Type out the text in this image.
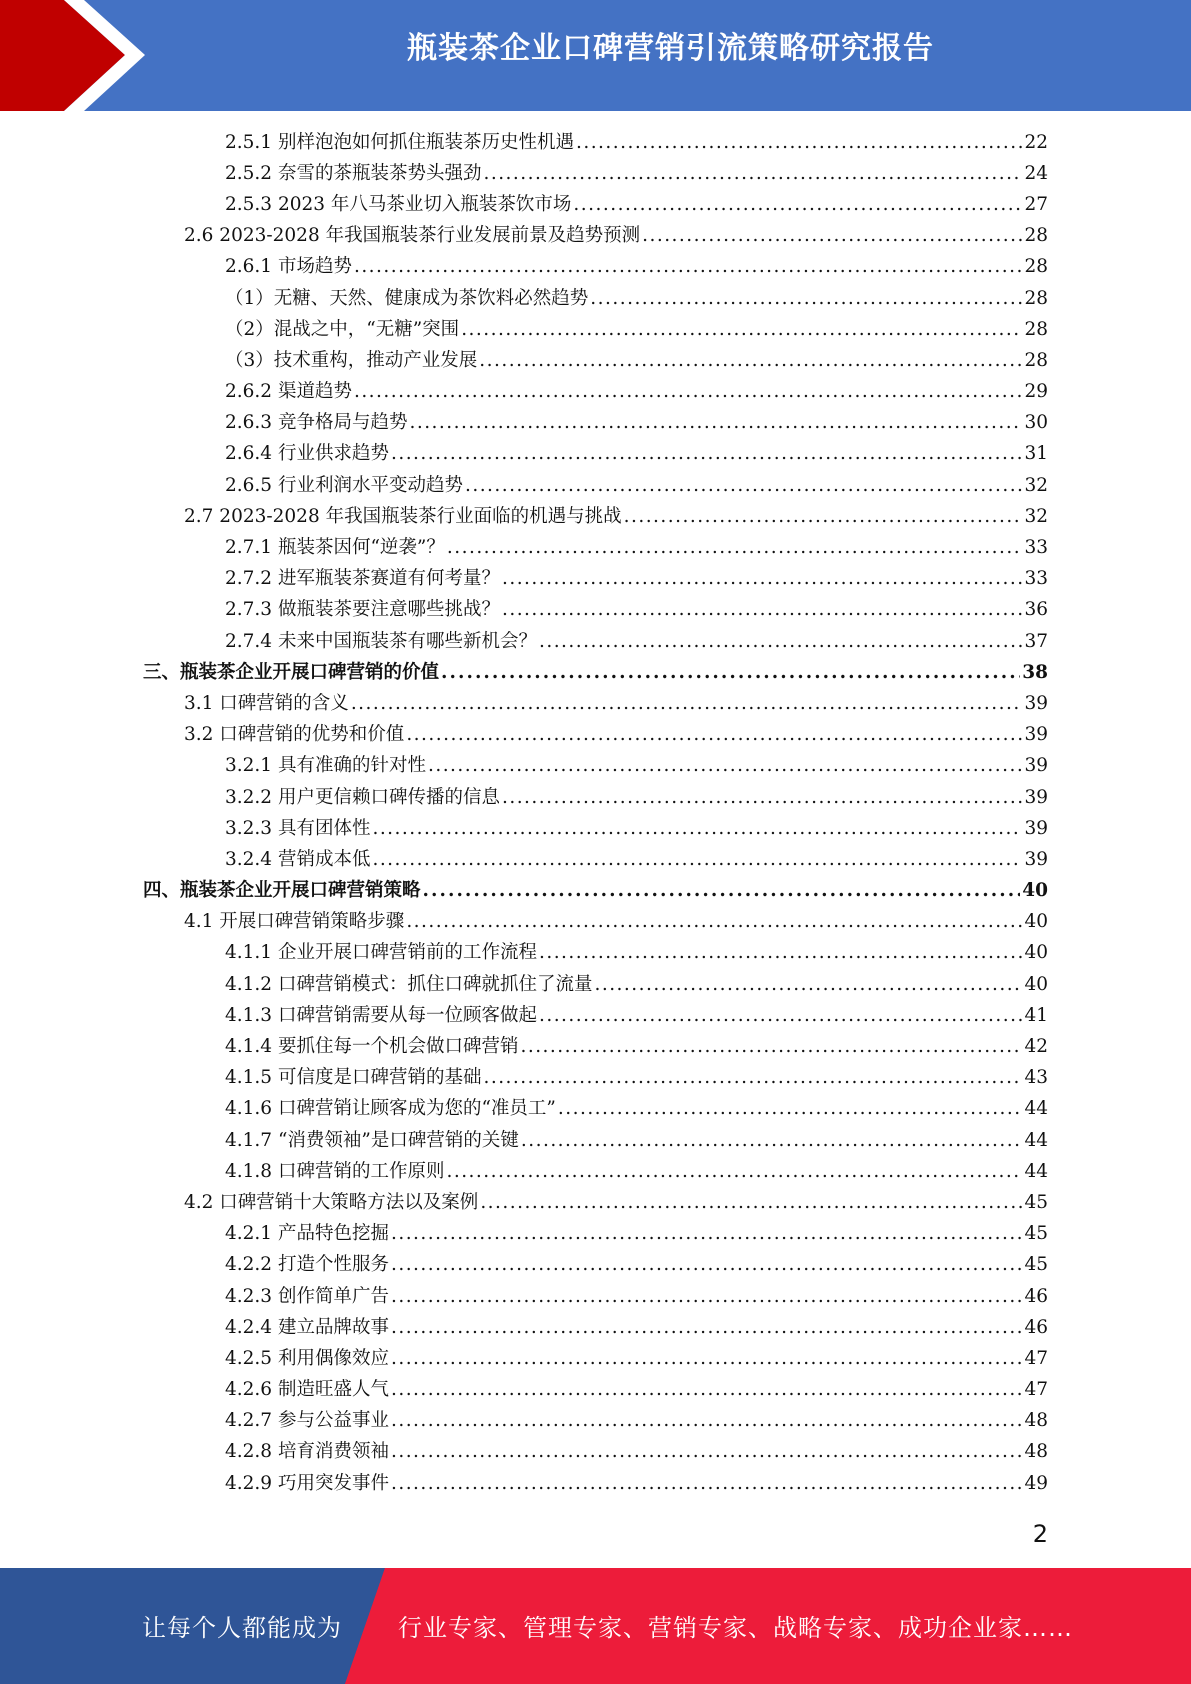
瓶装茶企业口碑营销引流策略研究报告
2.5.1 别样泡泡如何抓住瓶装茶历史性机遇 . . .	22
2.5.2 奈雪的茶瓶装茶势头强劲 . . .	24
2.5.3 2023 年八马茶业切入瓶装茶饮市场 . . .	27
2.6 2023-2028 年我国瓶装茶行业发展前景及趋势预测 . . .	28
2.6.1 市场趋势 . . .	28
（1）无糖、天然、健康成为茶饮料必然趋势 . . .	28
（2）混战之中，“无糖”突围 . . .	28
（3）技术重构，推动产业发展 . . .	28
2.6.2 渠道趋势 . . .	29
2.6.3 竞争格局与趋势 . . .	30
2.6.4 行业供求趋势 . . .	31
2.6.5 行业利润水平变动趋势 . . .	32
2.7 2023-2028 年我国瓶装茶行业面临的机遇与挑战 . . .	32
2.7.1 瓶装茶因何“逆袭”？ . . .	33
2.7.2 进军瓶装茶赛道有何考量？ . . .	33
2.7.3 做瓶装茶要注意哪些挑战？ . . .	36
2.7.4 未来中国瓶装茶有哪些新机会？ . . .	37
三、瓶装茶企业开展口碑营销的价值 . . .	38
3.1 口碑营销的含义 . . .	39
3.2 口碑营销的优势和价值 . . .	39
3.2.1 具有准确的针对性 . . .	39
3.2.2 用户更信赖口碑传播的信息 . . .	39
3.2.3 具有团体性 . . .	39
3.2.4 营销成本低 . . .	39
四、瓶装茶企业开展口碑营销策略 . . .	40
4.1 开展口碑营销策略步骤 . . .	40
4.1.1 企业开展口碑营销前的工作流程 . . .	40
4.1.2 口碑营销模式：抓住口碑就抓住了流量 . . .	40
4.1.3 口碑营销需要从每一位顾客做起 . . .	41
4.1.4 要抓住每一个机会做口碑营销 . . .	42
4.1.5 可信度是口碑营销的基础 . . .	43
4.1.6 口碑营销让顾客成为您的“准员工” . . .	44
4.1.7 “消费领袖”是口碑营销的关键 . . .	44
4.1.8 口碑营销的工作原则 . . .	44
4.2 口碑营销十大策略方法以及案例 . . .	45
4.2.1 产品特色挖掘 . . .	45
4.2.2 打造个性服务 . . .	45
4.2.3 创作简单广告 . . .	46
4.2.4 建立品牌故事 . . .	46
4.2.5 利用偶像效应 . . .	47
4.2.6 制造旺盛人气 . . .	47
4.2.7 参与公益事业 . . .	48
4.2.8 培育消费领袖 . . .	48
4.2.9 巧用突发事件 . . .	49
2
让每个人都能成为 行业专家、管理专家、营销专家、战略专家、成功企业家……
